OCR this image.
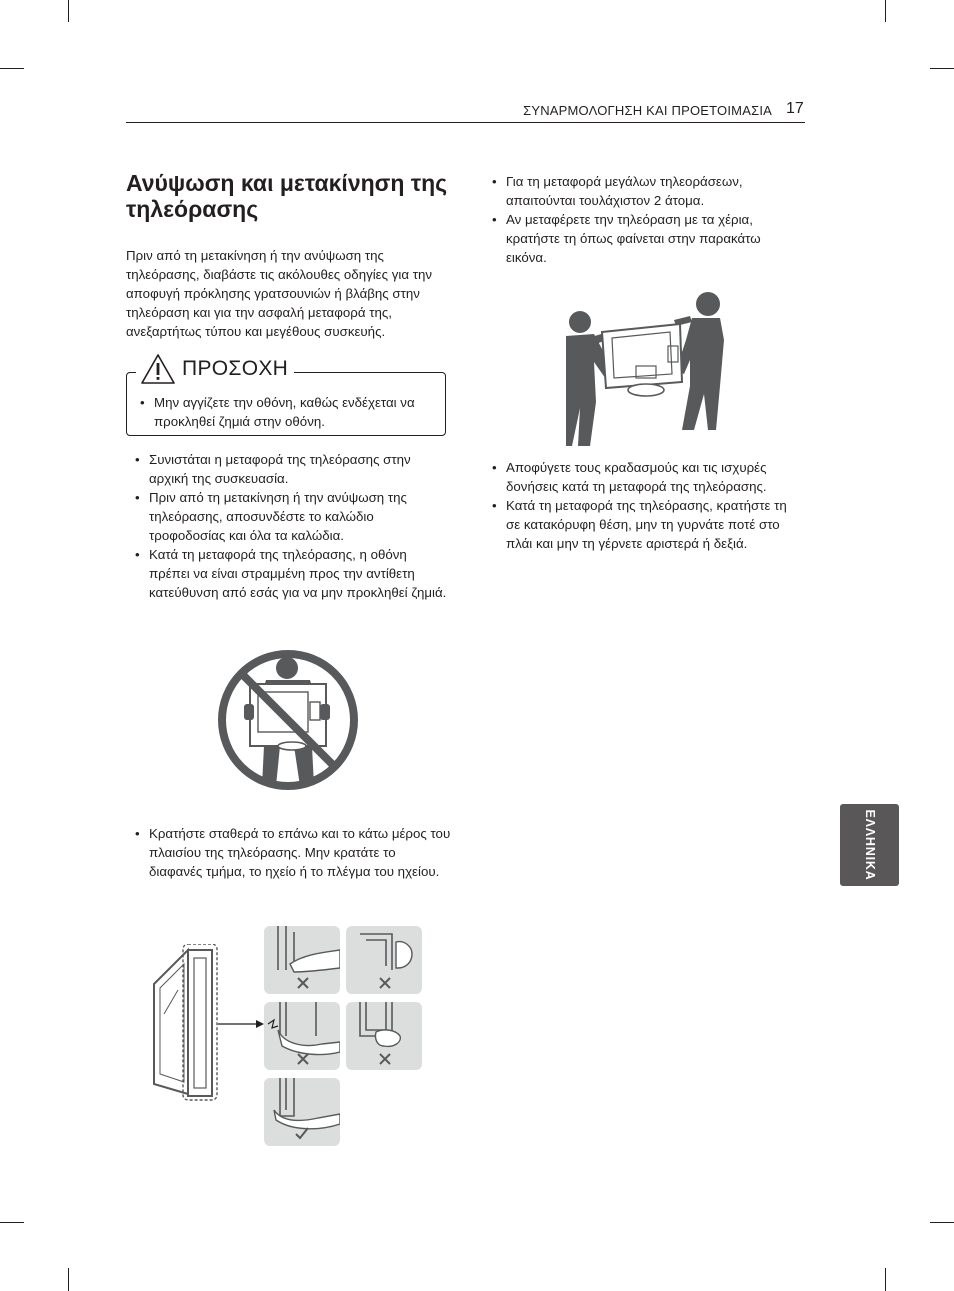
ΣΥΝΑΡΜΟΛΟΓΗΣΗ ΚΑΙ ΠΡΟΕΤΟΙΜΑΣΙΑ 17
Ανύψωση και μετακίνηση της τηλεόρασης

Πριν από τη μετακίνηση ή την ανύψωση της τηλεόρασης, διαβάστε τις ακόλουθες οδηγίες για την αποφυγή πρόκλησης γρατσουνιών ή βλάβης στην τηλεόραση και για την ασφαλή μεταφορά της, ανεξαρτήτως τύπου και μεγέθους συσκευής.

ΠΡΟΣΟΧΗ
• Μην αγγίζετε την οθόνη, καθώς ενδέχεται να προκληθεί ζημιά στην οθόνη.
• Συνιστάται η μεταφορά της τηλεόρασης στην αρχική της συσκευασία.
• Πριν από τη μετακίνηση ή την ανύψωση της τηλεόρασης, αποσυνδέστε το καλώδιο τροφοδοσίας και όλα τα καλώδια.
• Κατά τη μεταφορά της τηλεόρασης, η οθόνη πρέπει να είναι στραμμένη προς την αντίθετη κατεύθυνση από εσάς για να μην προκληθεί ζημιά.
• Κρατήστε σταθερά το επάνω και το κάτω μέρος του πλαισίου της τηλεόρασης. Μην κρατάτε το διαφανές τμήμα, το ηχείο ή το πλέγμα του ηχείου.
• Για τη μεταφορά μεγάλων τηλεοράσεων, απαιτούνται τουλάχιστον 2 άτομα.
• Αν μεταφέρετε την τηλεόραση με τα χέρια, κρατήστε τη όπως φαίνεται στην παρακάτω εικόνα.
• Αποφύγετε τους κραδασμούς και τις ισχυρές δονήσεις κατά τη μεταφορά της τηλεόρασης.
• Κατά τη μεταφορά της τηλεόρασης, κρατήστε τη σε κατακόρυφη θέση, μην τη γυρνάτε ποτέ στο πλάι και μην τη γέρνετε αριστερά ή δεξιά.
ΕΛΛΗΝΙΚΑ
